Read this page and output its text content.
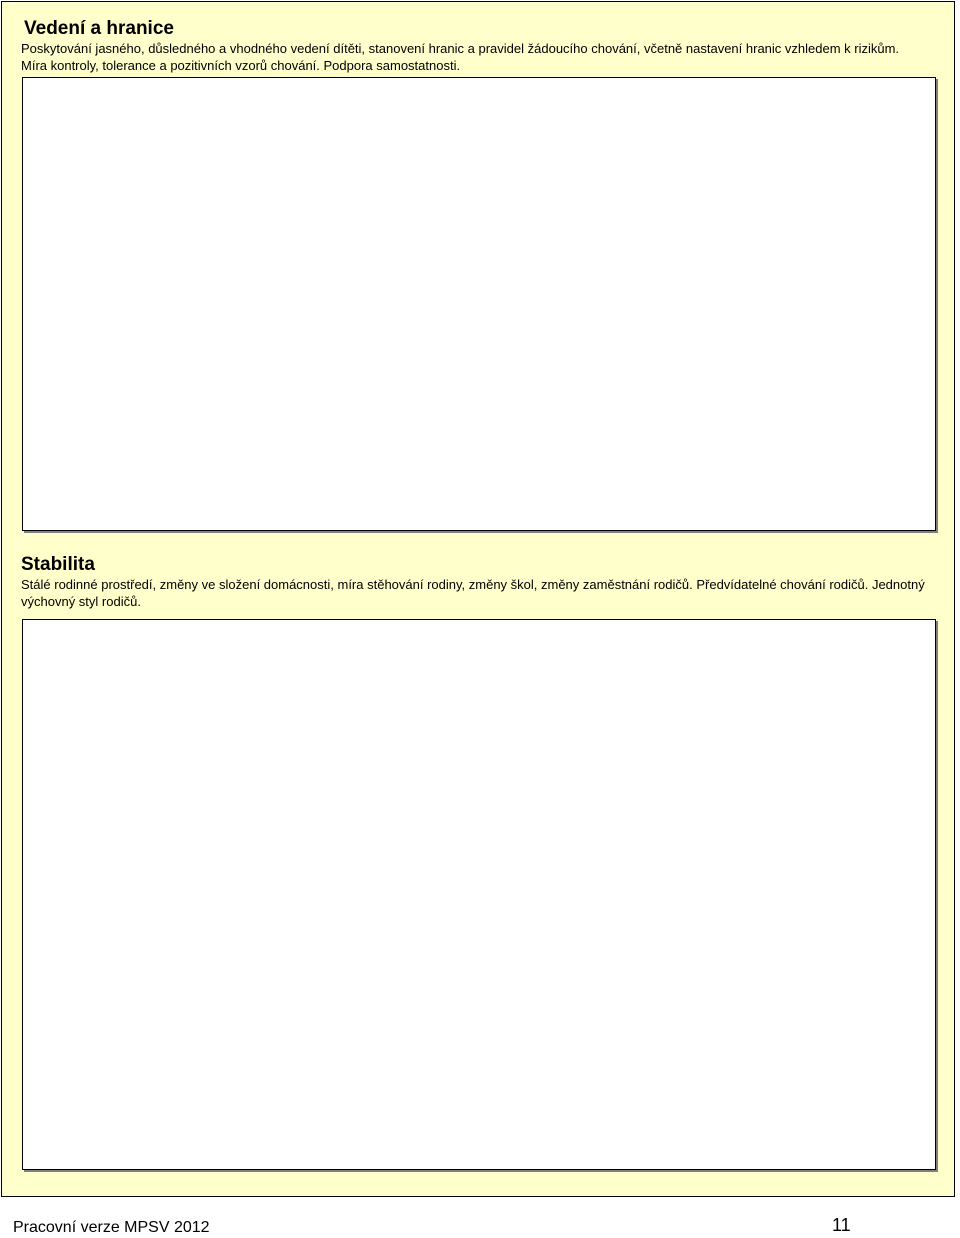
Vedení a hranice

Poskytování jasného, důsledného a vhodného vedení dítěti, stanovení hranic a pravidel žádoucího chování, včetně nastavení hranic vzhledem k rizikům. Míra kontroly, tolerance a pozitivních vzorů chování. Podpora samostatnosti.

Stabilita

Stálé rodinné prostředí, změny ve složení domácnosti, míra stěhování rodiny, změny škol, změny zaměstnání rodičů. Předvídatelné chování rodičů. Jednotný výchovný styl rodičů.

Pracovní verze MPSV 2012	11
